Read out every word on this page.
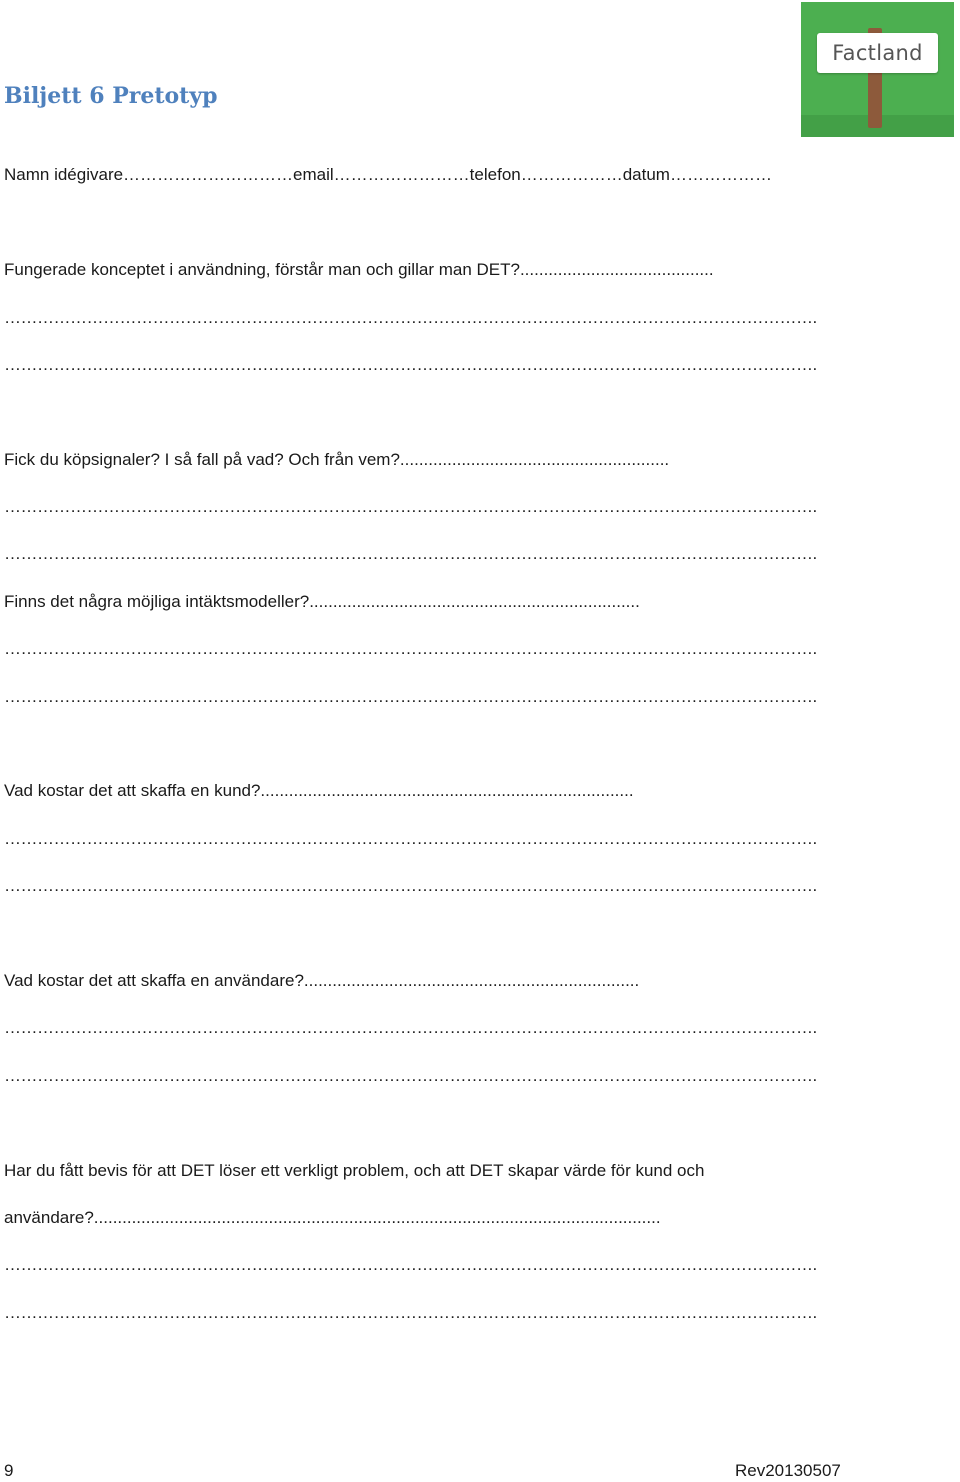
Factland
Biljett 6 Pretotyp
Namn idégivare…………………………email……………………telefon………………datum………………
Fungerade konceptet i användning, förstår man och gillar man DET?.........................................
………………………………………………………………………………………………………………………………….
………………………………………………………………………………………………………………………………….
Fick du köpsignaler? I så fall på vad? Och från vem?.........................................................
………………………………………………………………………………………………………………………………….
………………………………………………………………………………………………………………………………….
Finns det några möjliga intäktsmodeller?......................................................................
………………………………………………………………………………………………………………………………….
………………………………………………………………………………………………………………………………….
Vad kostar det att skaffa en kund?...............................................................................
………………………………………………………………………………………………………………………………….
………………………………………………………………………………………………………………………………….
Vad kostar det att skaffa en användare?.......................................................................
………………………………………………………………………………………………………………………………….
………………………………………………………………………………………………………………………………….
Har du fått bevis för att DET löser ett verkligt problem, och att DET skapar värde för kund och
användare?........................................................................................................................
………………………………………………………………………………………………………………………………….
………………………………………………………………………………………………………………………………….
9	Rev20130507
